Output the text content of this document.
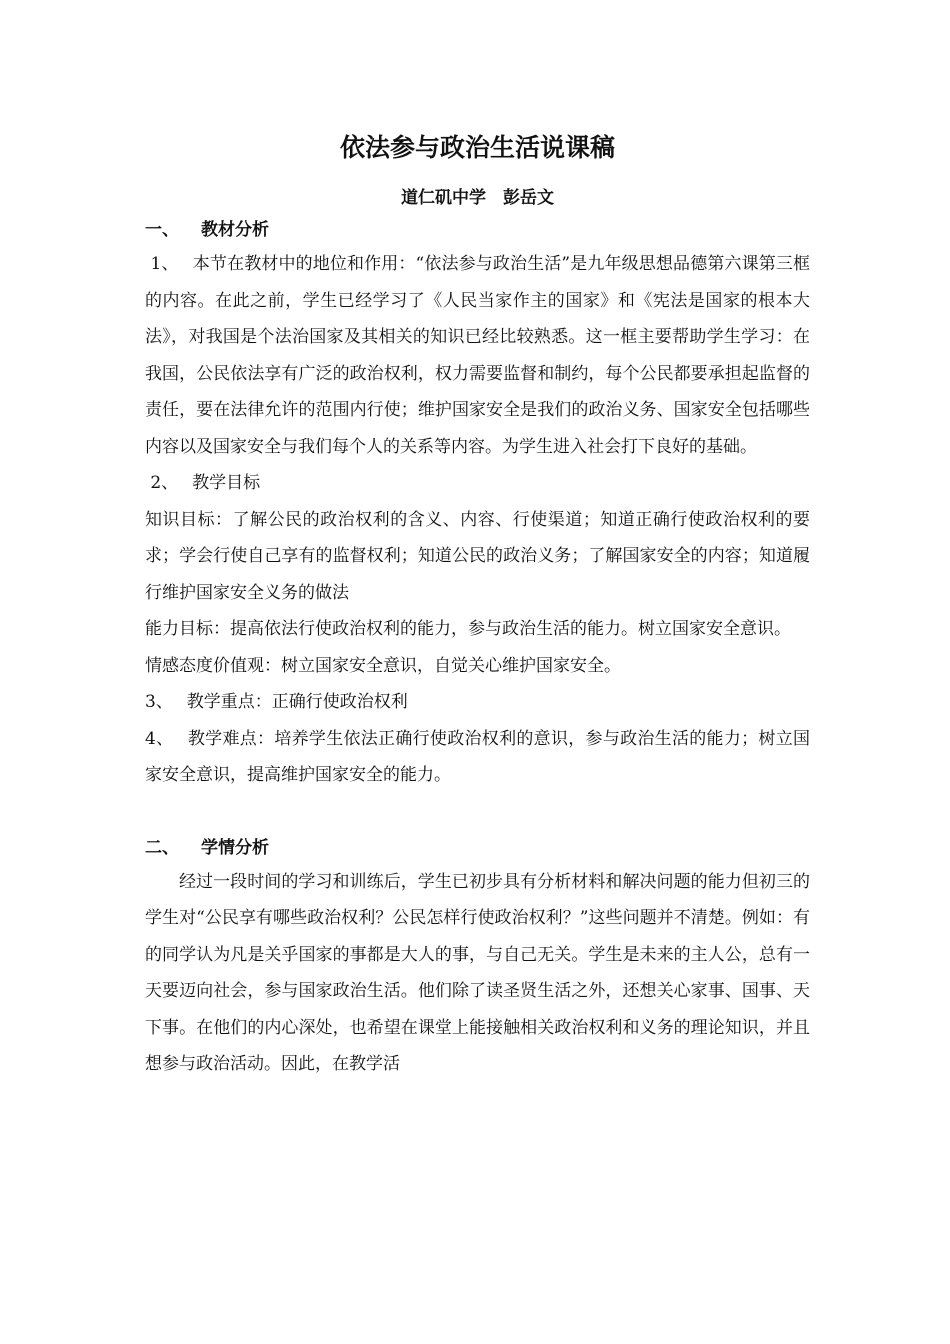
依法参与政治生活说课稿
道仁矶中学　彭岳文
一、 教材分析

1、　 本节在教材中的地位和作用：“依法参与政治生活”是九年级思想品德第六课第三框的内容。在此之前，学生已经学习了《人民当家作主的国家》和《宪法是国家的根本大法》，对我国是个法治国家及其相关的知识已经比较熟悉。这一框主要帮助学生学习：在我国，公民依法享有广泛的政治权利，权力需要监督和制约，每个公民都要承担起监督的责任，要在法律允许的范围内行使；维护国家安全是我们的政治义务、国家安全包括哪些内容以及国家安全与我们每个人的关系等内容。为学生进入社会打下良好的基础。

2、　 教学目标

知识目标：了解公民的政治权利的含义、内容、行使渠道；知道正确行使政治权利的要求；学会行使自己享有的监督权利；知道公民的政治义务；了解国家安全的内容；知道履行维护国家安全义务的做法

能力目标：提高依法行使政治权利的能力，参与政治生活的能力。树立国家安全意识。

情感态度价值观：树立国家安全意识，自觉关心维护国家安全。

3、　 教学重点：正确行使政治权利

4、　 教学难点：培养学生依法正确行使政治权利的意识，参与政治生活的能力；树立国家安全意识，提高维护国家安全的能力。

二、 学情分析

经过一段时间的学习和训练后，学生已初步具有分析材料和解决问题的能力但初三的学生对“公民享有哪些政治权利？公民怎样行使政治权利？”这些问题并不清楚。例如：有的同学认为凡是关乎国家的事都是大人的事，与自己无关。学生是未来的主人公，总有一天要迈向社会，参与国家政治生活。他们除了读圣贤生活之外，还想关心家事、国事、天下事。在他们的内心深处，也希望在课堂上能接触相关政治权利和义务的理论知识，并且想参与政治活动。因此，在教学活
